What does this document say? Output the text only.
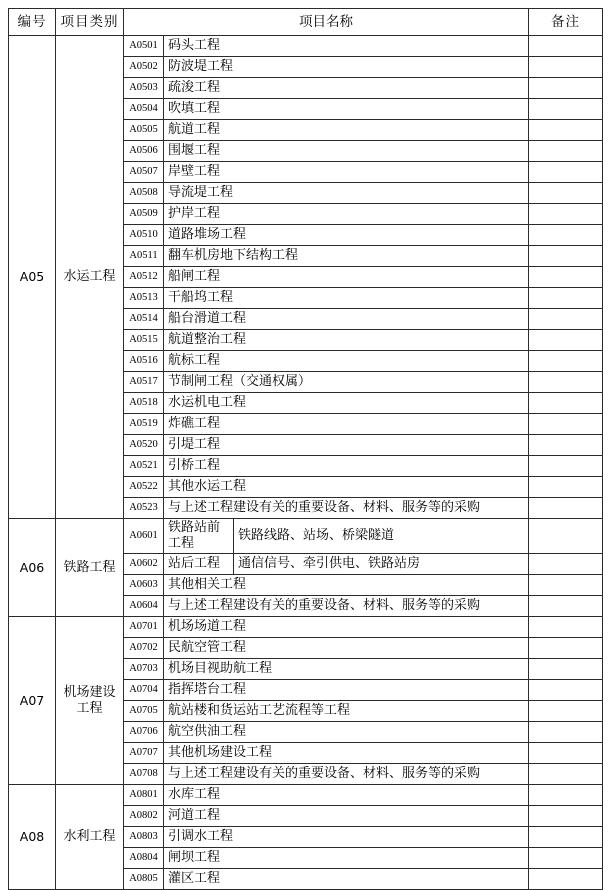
编号	项目类别	项目名称			备注
A05	水运工程	A0501	码头工程		
		A0502	防波堤工程		
		A0503	疏浚工程		
		A0504	吹填工程		
		A0505	航道工程		
		A0506	围堰工程		
		A0507	岸壁工程		
		A0508	导流堤工程		
		A0509	护岸工程		
		A0510	道路堆场工程		
		A0511	翻车机房地下结构工程		
		A0512	船闸工程		
		A0513	干船坞工程		
		A0514	船台滑道工程		
		A0515	航道整治工程		
		A0516	航标工程		
		A0517	节制闸工程（交通权属）		
		A0518	水运机电工程		
		A0519	炸礁工程		
		A0520	引堤工程		
		A0521	引桥工程		
		A0522	其他水运工程		
		A0523	与上述工程建设有关的重要设备、材料、服务等的采购		
A06	铁路工程	A0601	铁路站前工程	铁路线路、站场、桥梁隧道	
		A0602	站后工程	通信信号、牵引供电、铁路站房	
		A0603	其他相关工程		
		A0604	与上述工程建设有关的重要设备、材料、服务等的采购		
A07	机场建设工程	A0701	机场场道工程		
		A0702	民航空管工程		
		A0703	机场目视助航工程		
		A0704	指挥塔台工程		
		A0705	航站楼和货运站工艺流程等工程		
		A0706	航空供油工程		
		A0707	其他机场建设工程		
		A0708	与上述工程建设有关的重要设备、材料、服务等的采购		
A08	水利工程	A0801	水库工程		
		A0802	河道工程		
		A0803	引调水工程		
		A0804	闸坝工程		
		A0805	灌区工程		
